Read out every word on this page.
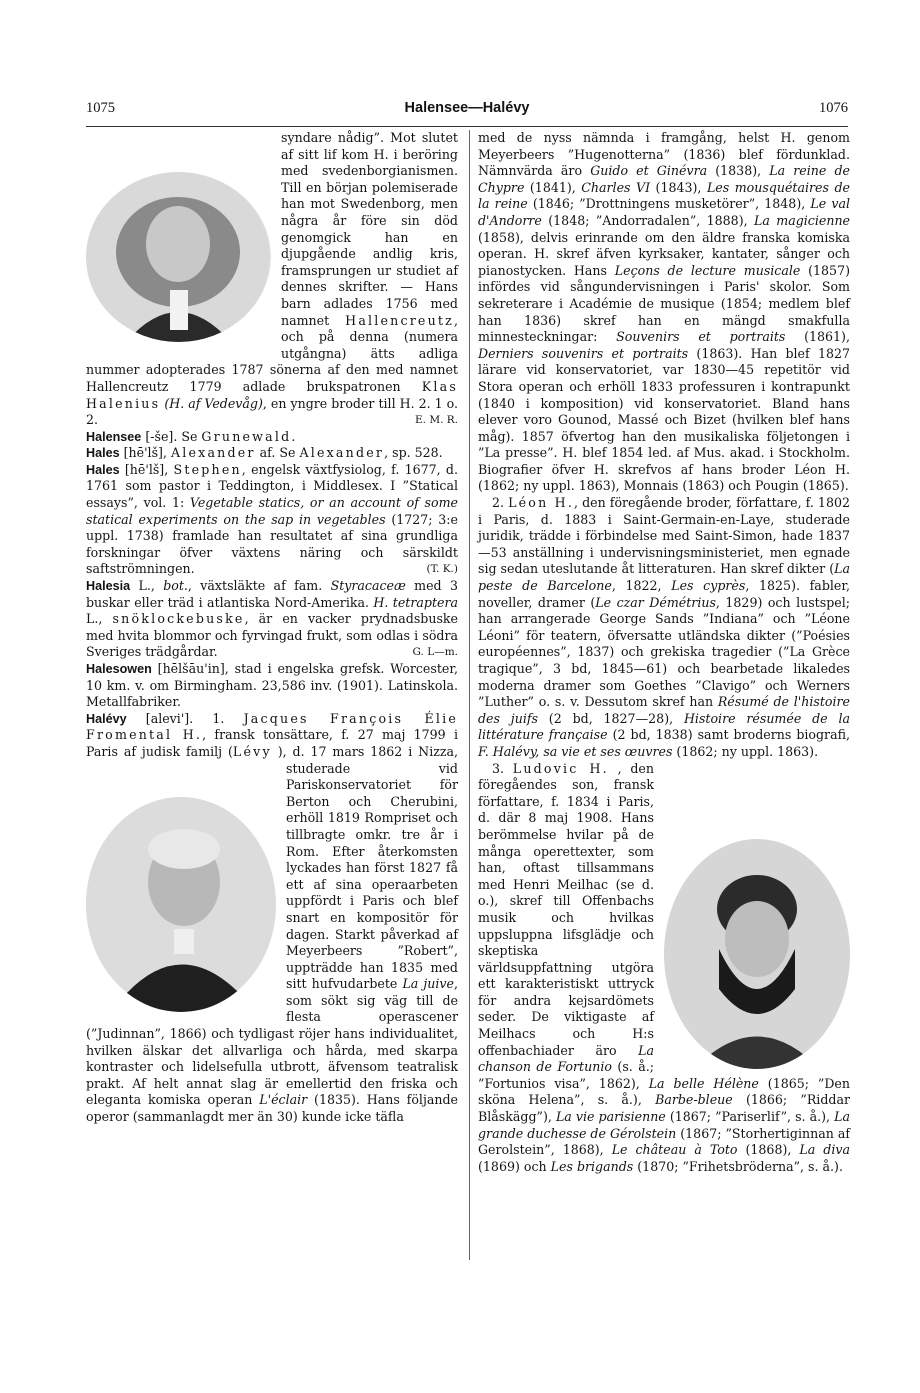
1075	Halensee—Halévy	1076

syndare nådig”. Mot slutet af sitt lif kom H. i beröring med svedenborgianismen. Till en början polemiserade han mot Swedenborg, men några år före sin död genomgick han en djupgående andlig kris, framsprungen ur studiet af dennes skrifter. — Hans barn adlades 1756 med namnet Hallencreutz, och på denna (numera utgångna) ätts adliga nummer adopterades 1787 sönerna af den med namnet Hallencreutz 1779 adlade brukspatronen Klas Halenius (H. af Vedevåg), en yngre broder till H. 2. 1 o. 2.	E. M. R.

Halensee [-še]. Se Grunewald.

Hales [hē'lš], Alexander af. Se Alexander, sp. 528.

Hales [hē'lš], Stephen, engelsk växtfysiolog, f. 1677, d. 1761 som pastor i Teddington, i Middlesex. I ”Statical essays”, vol. 1: Vegetable statics, or an account of some statical experiments on the sap in vegetables (1727; 3:e uppl. 1738) framlade han resultatet af sina grundliga forskningar öfver växtens näring och särskildt saftströmningen.	(T. K.)

Halesia L., bot., växtsläkte af fam. Styracaceæ med 3 buskar eller träd i atlantiska Nord-Amerika. H. tetraptera L., snöklockebuske, är en vacker prydnadsbuske med hvita blommor och fyrvingad frukt, som odlas i södra Sveriges trädgårdar.	G. L—m.

Halesowen [hēlšāu'in], stad i engelska grefsk. Worcester, 10 km. v. om Birmingham. 23,586 inv. (1901). Latinskola. Metallfabriker.

Halévy [alevi']. 1. Jacques François Élie Fromental H., fransk tonsättare, f. 27 maj 1799 i Paris af judisk familj (Lévy ), d. 17 mars 1862 i Nizza, studerade vid Pariskonservatoriet för Berton och Cherubini, erhöll 1819 Rompriset och tillbragte omkr. tre år i Rom. Efter återkomsten lyckades han först 1827 få ett af sina operaarbeten uppfördt i Paris och blef snart en kompositör för dagen. Starkt påverkad af Meyerbeers ”Robert”, uppträdde han 1835 med sitt hufvudarbete La juive, som sökt sig väg till de flesta operascener (”Judinnan”, 1866) och tydligast röjer hans individualitet, hvilken älskar det allvarliga och hårda, med skarpa kontraster och lidelsefulla utbrott, äfvensom teatralisk prakt. Af helt annat slag är emellertid den friska och eleganta komiska operan L'éclair (1835). Hans följande operor (sammanlagdt mer än 30) kunde icke täfla

med de nyss nämnda i framgång, helst H. genom Meyerbeers ”Hugenotterna” (1836) blef fördunklad. Nämnvärda äro Guido et Ginévra (1838), La reine de Chypre (1841), Charles VI (1843), Les mousquétaires de la reine (1846; ”Drottningens musketörer”, 1848), Le val d'Andorre (1848; ”Andorradalen”, 1888), La magicienne (1858), delvis erinrande om den äldre franska komiska operan. H. skref äfven kyrksaker, kantater, sånger och pianostycken. Hans Leçons de lecture musicale (1857) infördes vid sångundervisningen i Paris' skolor. Som sekreterare i Académie de musique (1854; medlem blef han 1836) skref han en mängd smakfulla minnesteckningar: Souvenirs et portraits (1861), Derniers souvenirs et portraits (1863). Han blef 1827 lärare vid konservatoriet, var 1830—45 repetitör vid Stora operan och erhöll 1833 professuren i kontrapunkt (1840 i komposition) vid konservatoriet. Bland hans elever voro Gounod, Massé och Bizet (hvilken blef hans måg). 1857 öfvertog han den musikaliska följetongen i ”La presse”. H. blef 1854 led. af Mus. akad. i Stockholm. Biografier öfver H. skrefvos af hans broder Léon H. (1862; ny uppl. 1863), Monnais (1863) och Pougin (1865).

2. Léon H., den föregående broder, författare, f. 1802 i Paris, d. 1883 i Saint-Germain-en-Laye, studerade juridik, trädde i förbindelse med Saint-Simon, hade 1837—53 anställning i undervisningsministeriet, men egnade sig sedan uteslutande åt litteraturen. Han skref dikter (La peste de Barcelone, 1822, Les cyprès, 1825). fabler, noveller, dramer (Le czar Démétrius, 1829) och lustspel; han arrangerade George Sands ”Indiana” och ”Léone Léoni” för teatern, öfversatte utländska dikter (”Poésies européennes”, 1837) och grekiska tragedier (”La Grèce tragique”, 3 bd, 1845—61) och bearbetade likaledes moderna dramer som Goethes ”Clavigo” och Werners ”Luther” o. s. v. Dessutom skref han Résumé de l'histoire des juifs (2 bd, 1827—28), Histoire résumée de la littérature française (2 bd, 1838) samt broderns biografi, F. Halévy, sa vie et ses œuvres (1862; ny uppl. 1863).

3. Ludovic H. , den föregåendes son, fransk författare, f. 1834 i Paris, d. där 8 maj 1908. Hans berömmelse hvilar på de många operettexter, som han, oftast tillsammans med Henri Meilhac (se d. o.), skref till Offenbachs musik och hvilkas uppsluppna lifsglädje och skeptiska världsuppfattning utgöra ett karakteristiskt uttryck för andra kejsardömets seder. De viktigaste af Meilhacs och H:s offenbachiader äro La chanson de Fortunio (s. å.; ”Fortunios visa”, 1862), La belle Hélène (1865; ”Den sköna Helena”, s. å.), Barbe-bleue (1866; ”Riddar Blåskägg”), La vie parisienne (1867; ”Pariserlif”, s. å.), La grande duchesse de Gérolstein (1867; ”Storhertiginnan af Gerolstein”, 1868), Le château à Toto (1868), La diva (1869) och Les brigands (1870; ”Frihetsbröderna”, s. å.).
